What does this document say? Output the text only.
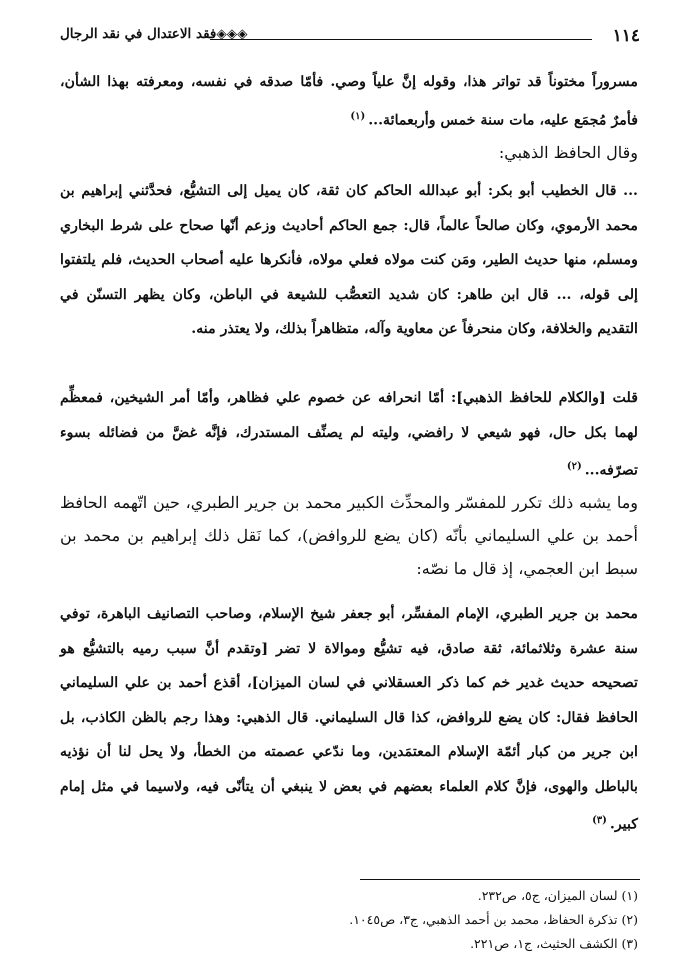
١١٤
◈◈◈فقد الاعتدال في نقد الرجال

مسروراً مختوناً قد تواتر هذا، وقوله إنَّ علياً وصي. فأمّا صدقه في نفسه، ومعرفته بهذا الشأن، فأمرٌ مُجمَع عليه، مات سنة خمس وأربعمائة...$^{(١)}$

وقال الحافظ الذهبي:

... قال الخطيب أبو بكر: أبو عبدالله الحاكم كان ثقة، كان يميل إلى التشيُّع، فحدَّثني إبراهيم بن محمد الأرموي، وكان صالحاً عالماً، قال: جمع الحاكم أحاديث وزعم أنّها صحاح على شرط البخاري ومسلم، منها حديث الطير، ومَن كنت مولاه فعلي مولاه، فأنكرها عليه أصحاب الحديث، فلم يلتفتوا إلى قوله، ... قال ابن طاهر: كان شديد التعصُّب للشيعة في الباطن، وكان يظهر التسنّن في التقديم والخلافة، وكان منحرفاً عن معاوية وآله، متظاهراً بذلك، ولا يعتذر منه.

قلت [والكلام للحافظ الذهبي]: أمّا انحرافه عن خصوم علي فظاهر، وأمّا أمر الشيخين، فمعظِّم لهما بكل حال، فهو شيعي لا رافضي، وليته لم يصنِّف المستدرك، فإنَّه غضَّ من فضائله بسوء تصرّفه...$^{(٢)}$

وما يشبه ذلك تكرر للمفسّر والمحدِّث الكبير محمد بن جرير الطبري، حين اتّهمه الحافظ أحمد بن علي السليماني بأنّه (كان يضع للروافض)، كما نَقل ذلك إبراهيم بن محمد بن سبط ابن العجمي، إذ قال ما نصّه:

محمد بن جرير الطبري، الإمام المفسِّر، أبو جعفر شيخ الإسلام، وصاحب التصانيف الباهرة، توفي سنة عشرة وثلاثمائة، ثقة صادق، فيه تشيُّع وموالاة لا تضر [وتقدم أنَّ سبب رميه بالتشيُّع هو تصحيحه حديث غدير خم كما ذكر العسقلاني في لسان الميزان]، أقذع أحمد بن علي السليماني الحافظ فقال: كان يضع للروافض، كذا قال السليماني. قال الذهبي: وهذا رجم بالظن الكاذب، بل ابن جرير من كبار أئمّة الإسلام المعتمَدين، وما ندّعي عصمته من الخطأ، ولا يحل لنا أن نؤذيه بالباطل والهوى، فإنَّ كلام العلماء بعضهم في بعض لا ينبغي أن يتأنّى فيه، ولاسيما في مثل إمام كبير.$^{(٣)}$

(١) لسان الميزان، ج٥، ص٢٣٢.
(٢) تذكرة الحفاظ، محمد بن أحمد الذهبي، ج٣، ص١٠٤٥.
(٣) الكشف الحثيث، ج١، ص٢٢١.
